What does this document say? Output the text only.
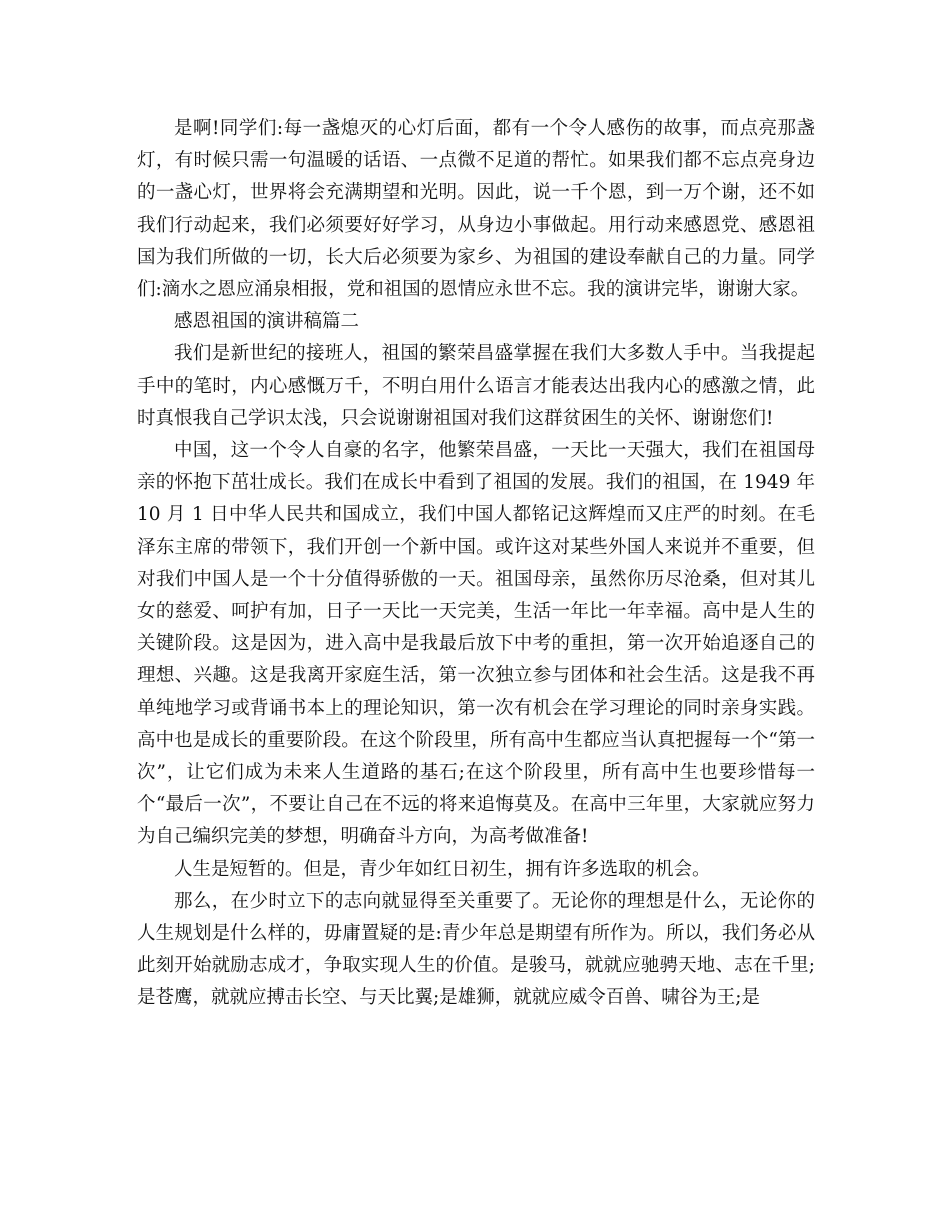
是啊!同学们:每一盏熄灭的心灯后面，都有一个令人感伤的故事，而点亮那盏灯，有时候只需一句温暖的话语、一点微不足道的帮忙。如果我们都不忘点亮身边的一盏心灯，世界将会充满期望和光明。因此，说一千个恩，到一万个谢，还不如我们行动起来，我们必须要好好学习，从身边小事做起。用行动来感恩党、感恩祖国为我们所做的一切，长大后必须要为家乡、为祖国的建设奉献自己的力量。同学们:滴水之恩应涌泉相报，党和祖国的恩情应永世不忘。我的演讲完毕，谢谢大家。

感恩祖国的演讲稿篇二

我们是新世纪的接班人，祖国的繁荣昌盛掌握在我们大多数人手中。当我提起手中的笔时，内心感慨万千，不明白用什么语言才能表达出我内心的感激之情，此时真恨我自己学识太浅，只会说谢谢祖国对我们这群贫困生的关怀、谢谢您们!

中国，这一个令人自豪的名字，他繁荣昌盛，一天比一天强大，我们在祖国母亲的怀抱下茁壮成长。我们在成长中看到了祖国的发展。我们的祖国，在 1949 年 10 月 1 日中华人民共和国成立，我们中国人都铭记这辉煌而又庄严的时刻。在毛泽东主席的带领下，我们开创一个新中国。或许这对某些外国人来说并不重要，但对我们中国人是一个十分值得骄傲的一天。祖国母亲，虽然你历尽沧桑，但对其儿女的慈爱、呵护有加，日子一天比一天完美，生活一年比一年幸福。高中是人生的关键阶段。这是因为，进入高中是我最后放下中考的重担，第一次开始追逐自己的理想、兴趣。这是我离开家庭生活，第一次独立参与团体和社会生活。这是我不再单纯地学习或背诵书本上的理论知识，第一次有机会在学习理论的同时亲身实践。高中也是成长的重要阶段。在这个阶段里，所有高中生都应当认真把握每一个“第一次”，让它们成为未来人生道路的基石;在这个阶段里，所有高中生也要珍惜每一个“最后一次”，不要让自己在不远的将来追悔莫及。在高中三年里，大家就应努力为自己编织完美的梦想，明确奋斗方向，为高考做准备!

人生是短暂的。但是，青少年如红日初生，拥有许多选取的机会。

那么，在少时立下的志向就显得至关重要了。无论你的理想是什么，无论你的人生规划是什么样的，毋庸置疑的是:青少年总是期望有所作为。所以，我们务必从此刻开始就励志成才，争取实现人生的价值。是骏马，就就应驰骋天地、志在千里;是苍鹰，就就应搏击长空、与天比翼;是雄狮，就就应威令百兽、啸谷为王;是
